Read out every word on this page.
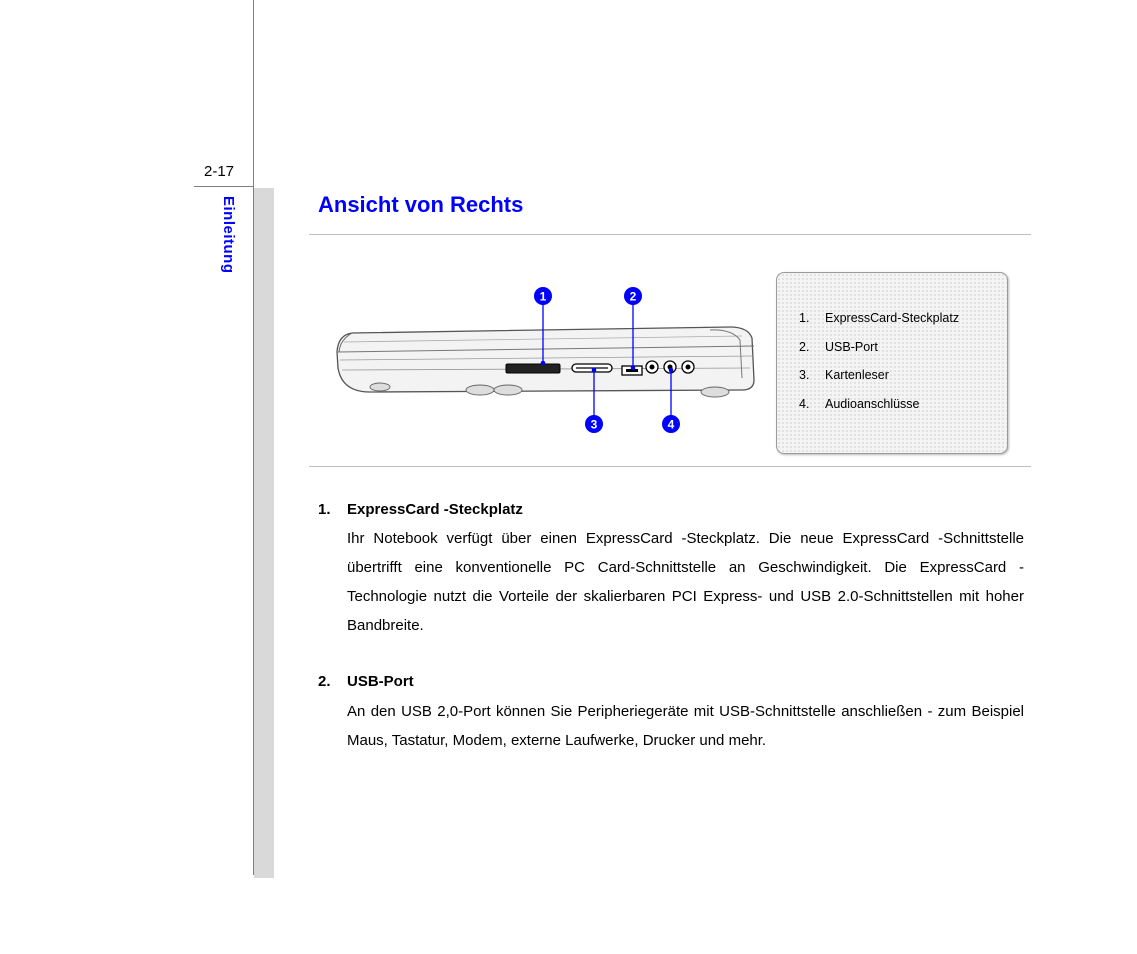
2-17
Einleitung	Ansicht von Rechts
1	2
3	4
1.	ExpressCard-Steckplatz
2.	USB-Port
3.	Kartenleser
4.	Audioanschlüsse
1. ExpressCard -Steckplatz

Ihr Notebook verfügt über einen ExpressCard -Steckplatz. Die neue ExpressCard -Schnittstelle übertrifft eine konventionelle PC Card-Schnittstelle an Geschwindigkeit. Die ExpressCard -Technologie nutzt die Vorteile der skalierbaren PCI Express- und USB 2.0-Schnittstellen mit hoher Bandbreite.

2. USB-Port

An den USB 2,0-Port können Sie Peripheriegeräte mit USB-Schnittstelle anschließen - zum Beispiel Maus, Tastatur, Modem, externe Laufwerke, Drucker und mehr.
